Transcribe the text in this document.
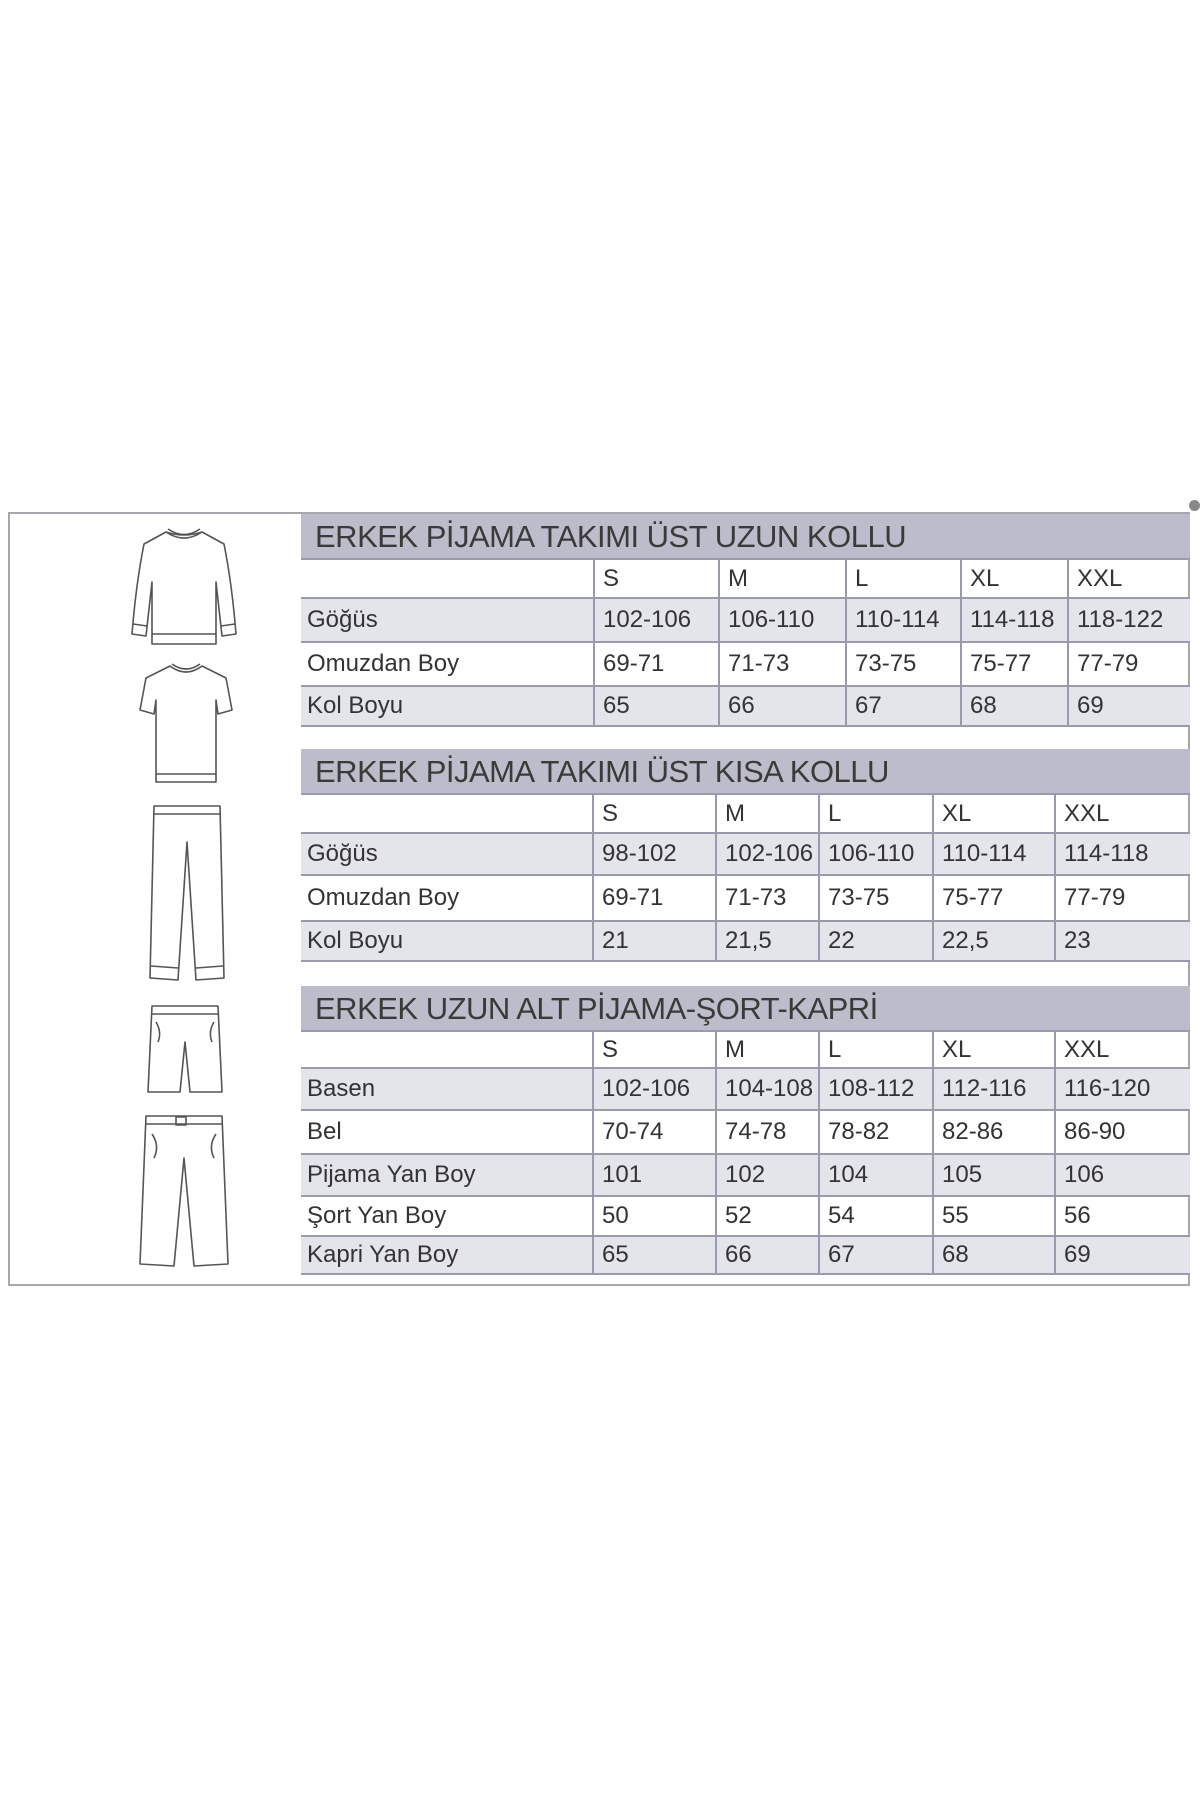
ERKEK PİJAMA TAKIMI ÜST UZUN KOLLU
	S	M	L	XL	XXL
Göğüs	102-106	106-110	110-114	114-118	118-122
Omuzdan Boy	69-71	71-73	73-75	75-77	77-79
Kol Boyu	65	66	67	68	69
ERKEK PİJAMA TAKIMI ÜST KISA KOLLU
	S	M	L	XL	XXL
Göğüs	98-102	102-106	106-110	110-114	114-118
Omuzdan Boy	69-71	71-73	73-75	75-77	77-79
Kol Boyu	21	21,5	22	22,5	23
ERKEK UZUN ALT PİJAMA-ŞORT-KAPRİ
	S	M	L	XL	XXL
Basen	102-106	104-108	108-112	112-116	116-120
Bel	70-74	74-78	78-82	82-86	86-90
Pijama Yan Boy	101	102	104	105	106
Şort Yan Boy	50	52	54	55	56
Kapri Yan Boy	65	66	67	68	69
